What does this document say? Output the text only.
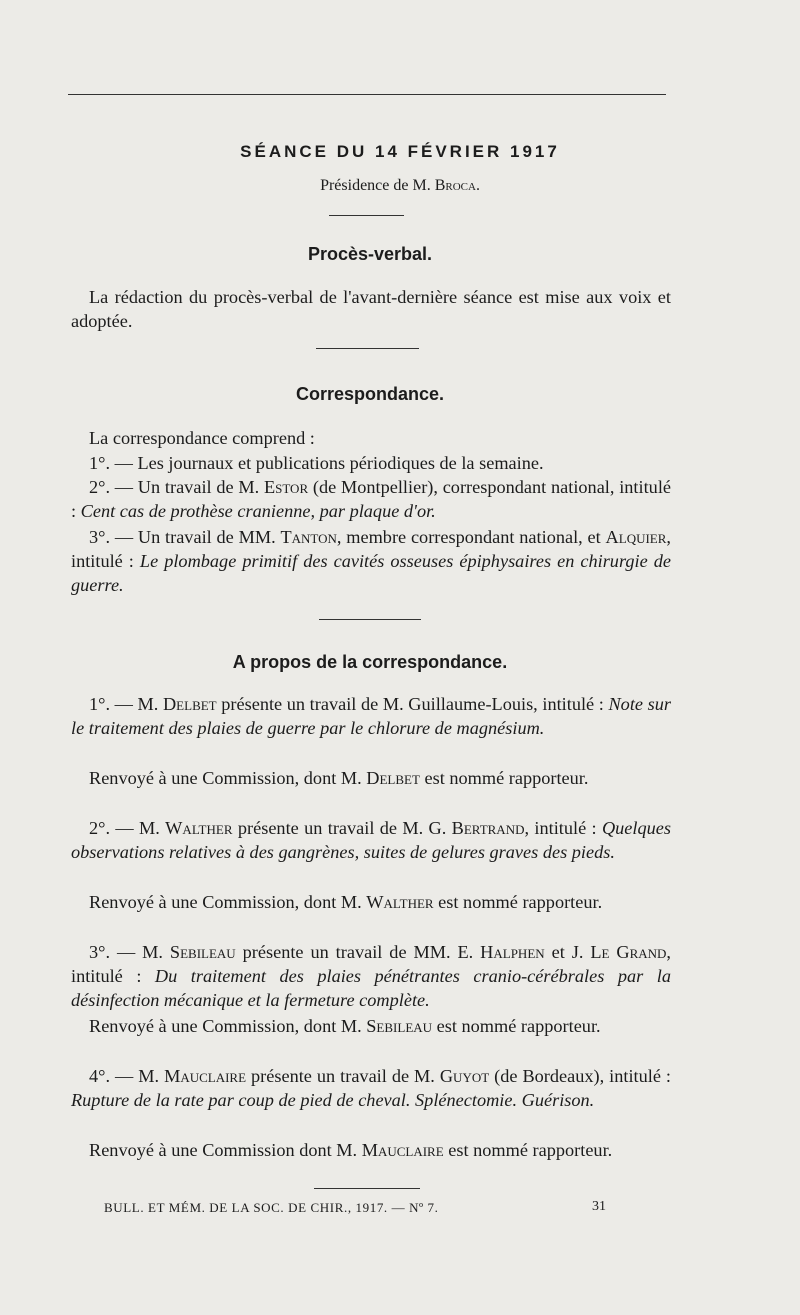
SÉANCE DU 14 FÉVRIER 1917
Présidence de M. Broca.
Procès-verbal.

La rédaction du procès-verbal de l'avant-dernière séance est mise aux voix et adoptée.

Correspondance.
La correspondance comprend :
1°. — Les journaux et publications périodiques de la semaine.

2°. — Un travail de M. Estor (de Montpellier), correspondant national, intitulé : Cent cas de prothèse cranienne, par plaque d'or.

3°. — Un travail de MM. Tanton, membre correspondant national, et Alquier, intitulé : Le plombage primitif des cavités osseuses épiphysaires en chirurgie de guerre.

A propos de la correspondance.

1°. — M. Delbet présente un travail de M. Guillaume-Louis, intitulé : Note sur le traitement des plaies de guerre par le chlorure de magnésium.

Renvoyé à une Commission, dont M. Delbet est nommé rapporteur.

2°. — M. Walther présente un travail de M. G. Bertrand, intitulé : Quelques observations relatives à des gangrènes, suites de gelures graves des pieds.

Renvoyé à une Commission, dont M. Walther est nommé rapporteur.

3°. — M. Sebileau présente un travail de MM. E. Halphen et J. Le Grand, intitulé : Du traitement des plaies pénétrantes cranio-cérébrales par la désinfection mécanique et la fermeture complète.

Renvoyé à une Commission, dont M. Sebileau est nommé rapporteur.

4°. — M. Mauclaire présente un travail de M. Guyot (de Bordeaux), intitulé : Rupture de la rate par coup de pied de cheval. Splénectomie. Guérison.

Renvoyé à une Commission dont M. Mauclaire est nommé rapporteur.

BULL. ET MÉM. DE LA SOC. DE CHIR., 1917. — Nº 7.	31
